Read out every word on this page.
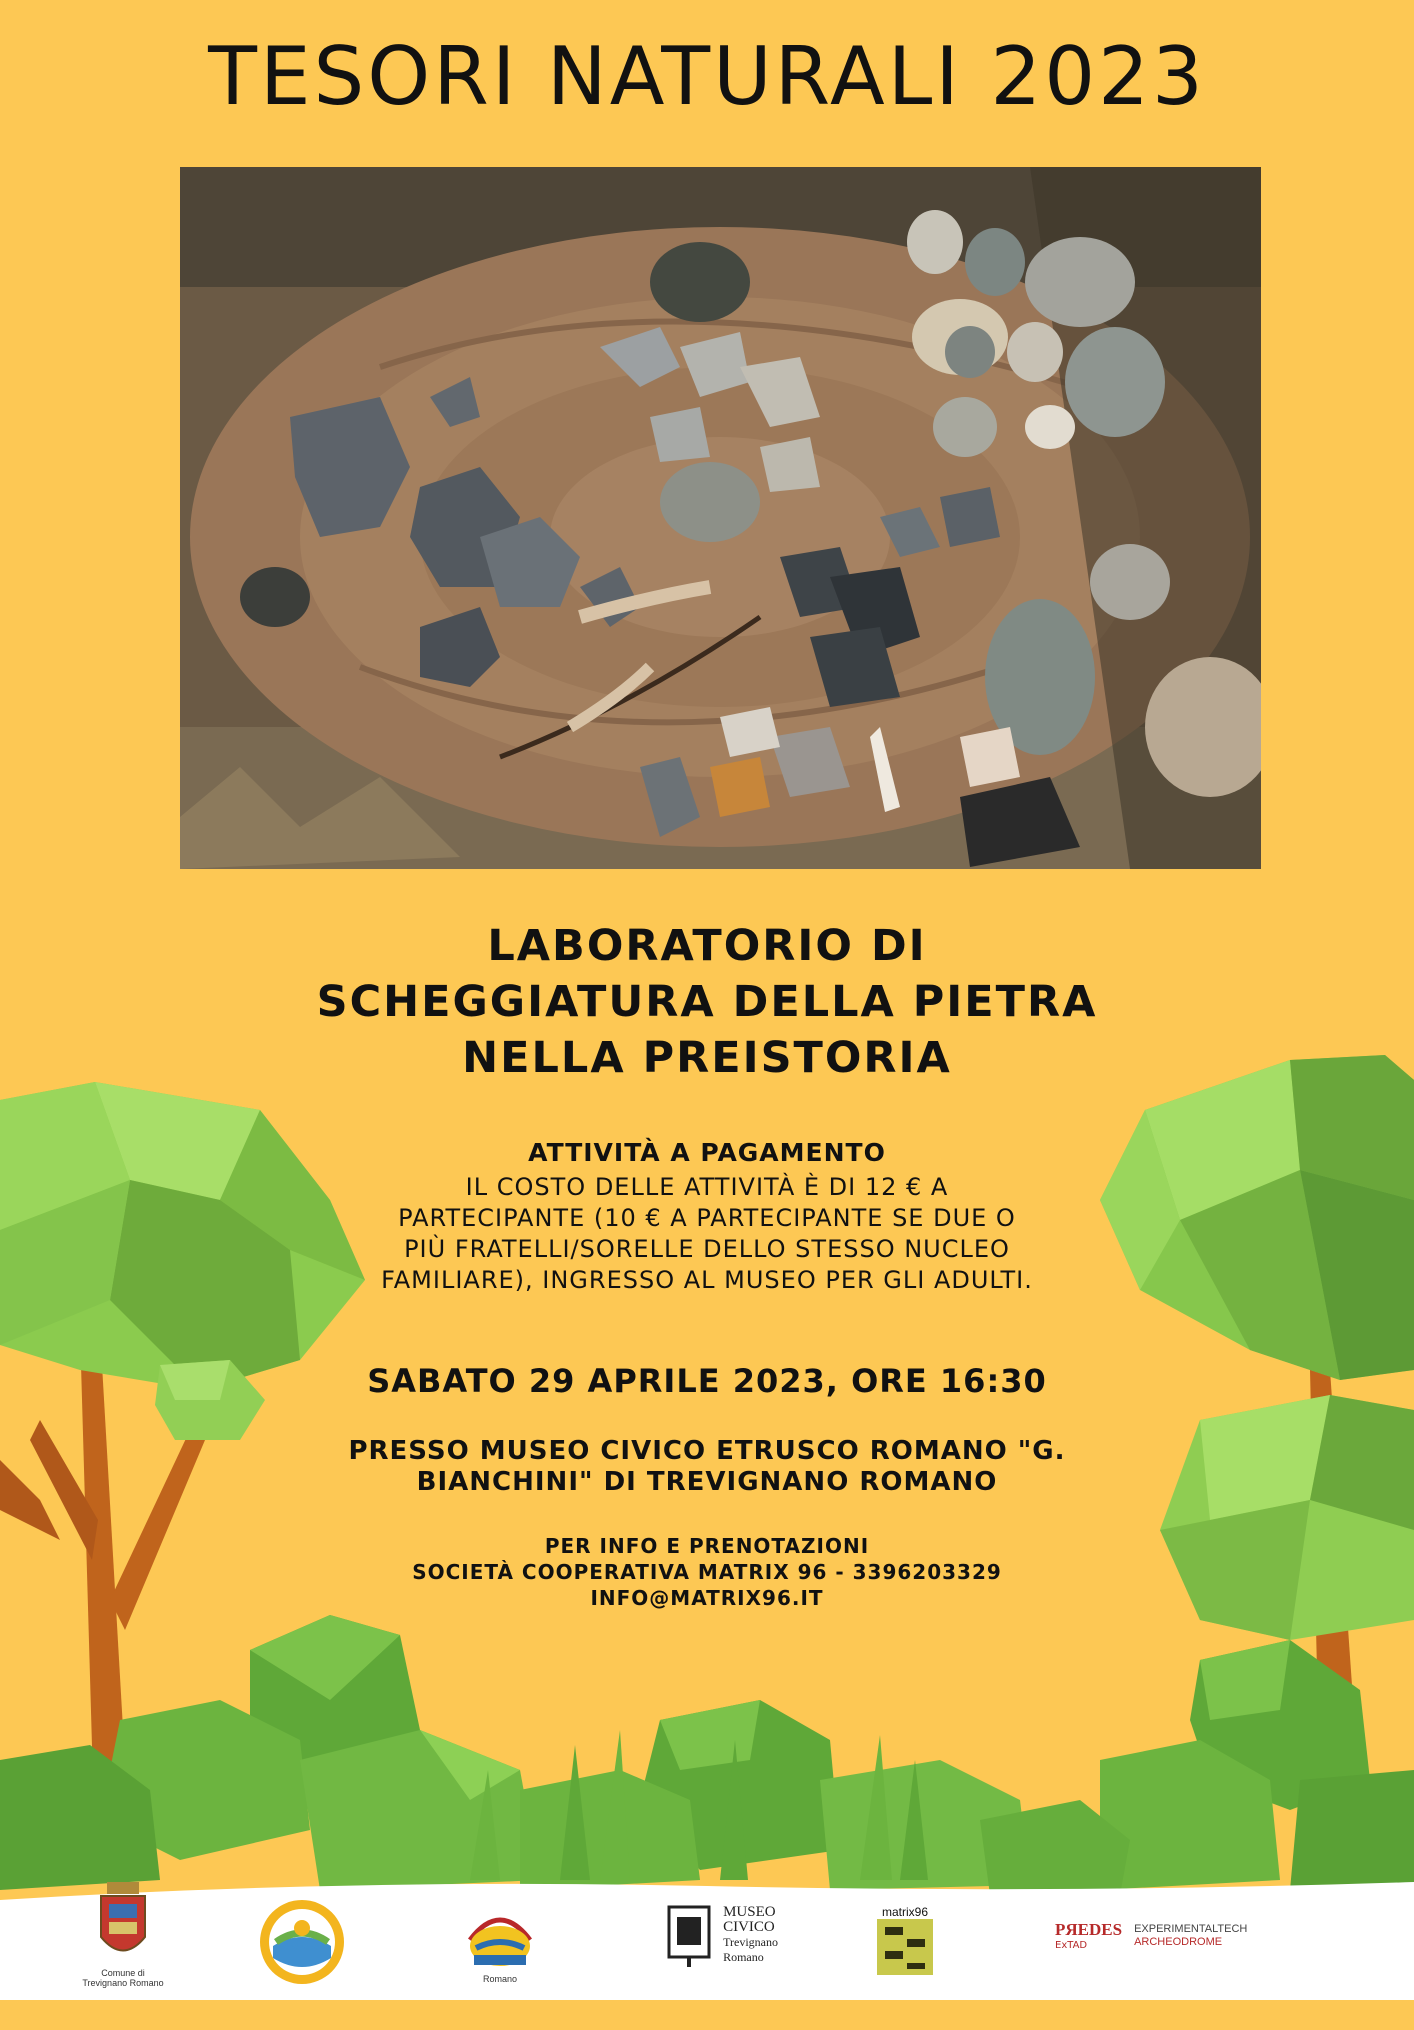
TESORI NATURALI 2023
LABORATORIO DI
SCHEGGIATURA DELLA PIETRA
NELLA PREISTORIA
ATTIVITÀ A PAGAMENTO
IL COSTO DELLE ATTIVITÀ È DI 12 € A
PARTECIPANTE (10 € A PARTECIPANTE SE DUE O
PIÙ FRATELLI/SORELLE DELLO STESSO NUCLEO
FAMILIARE), INGRESSO AL MUSEO PER GLI ADULTI.
SABATO 29 APRILE 2023, ORE 16:30
PRESSO MUSEO CIVICO ETRUSCO ROMANO "G.
BIANCHINI" DI TREVIGNANO ROMANO
PER INFO E PRENOTAZIONI
SOCIETÀ COOPERATIVA MATRIX 96 - 3396203329
INFO@MATRIX96.IT
Comune di Trevignano Romano	Romano
MUSEO
CIVICO
Trevignano
Romano
matrix96
PЯEDES
ExTAD
EXPERIMENTALTECH
ARCHEODROME
